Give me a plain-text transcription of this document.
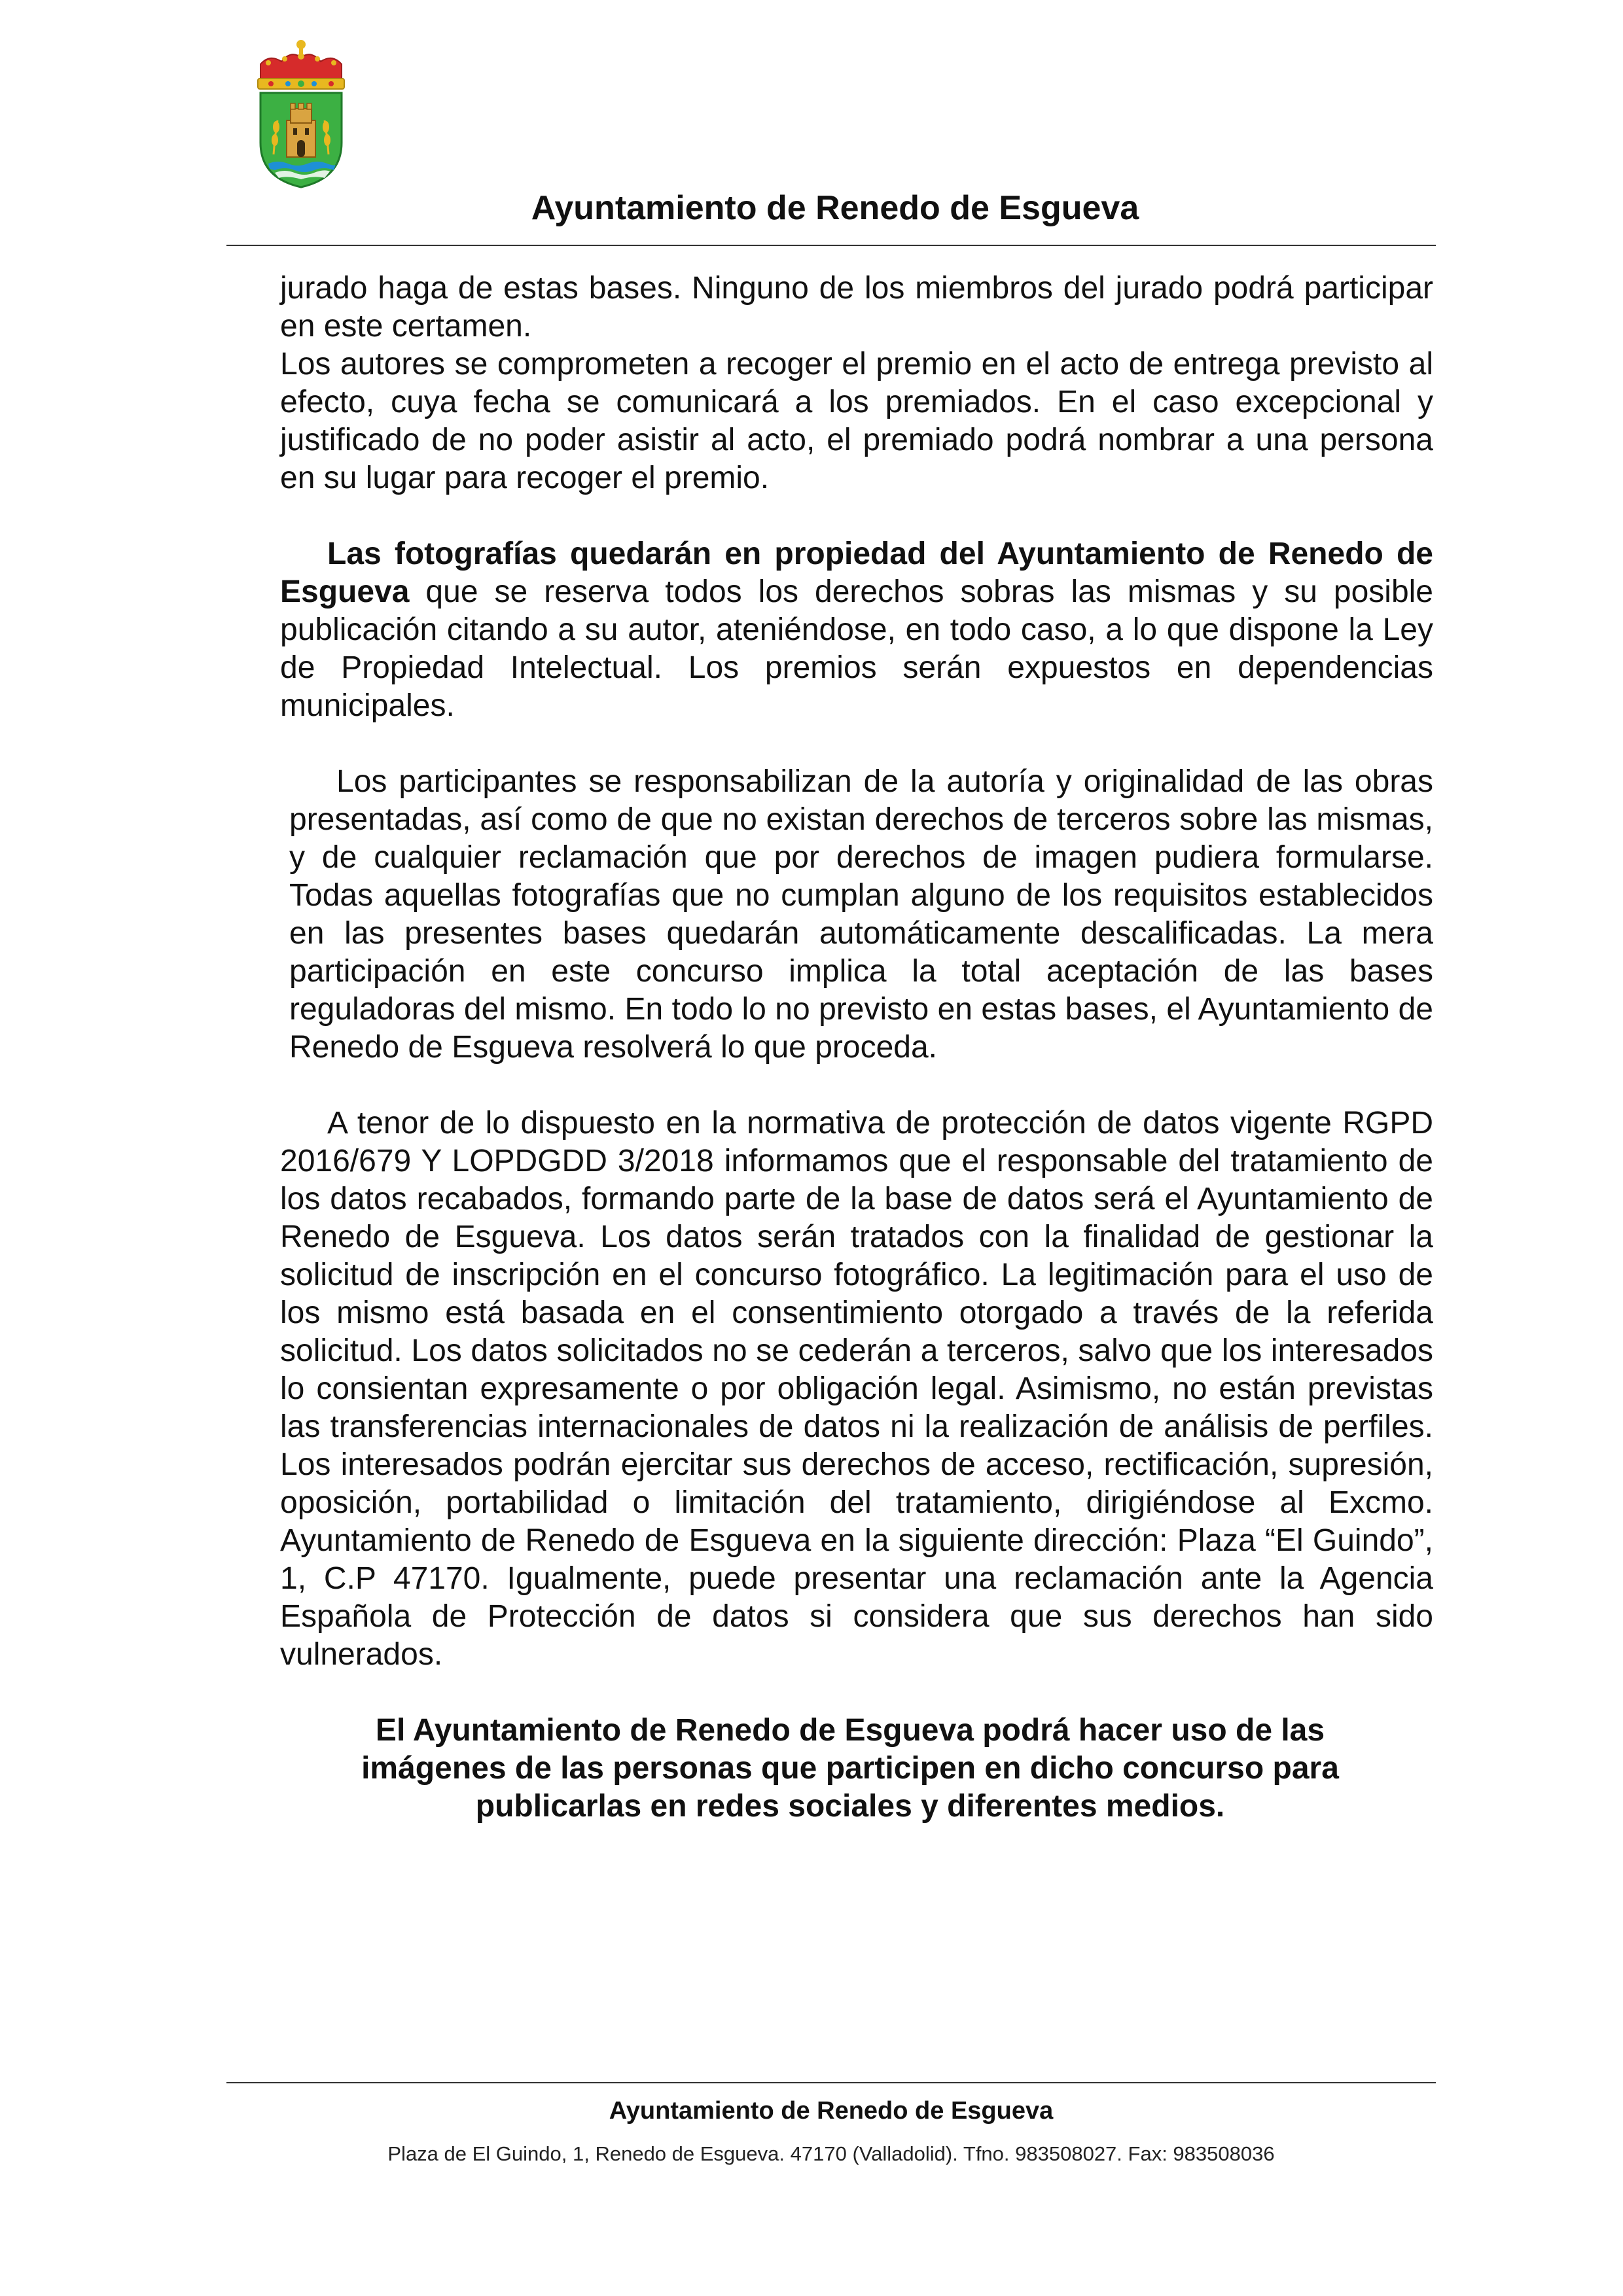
Ayuntamiento de Renedo de Esgueva

jurado haga de estas bases. Ninguno de los miembros del jurado podrá participar en este certamen.

Los autores se comprometen a recoger el premio en el acto de entrega previsto al efecto, cuya fecha se comunicará a los premiados. En el caso excepcional y justificado de no poder asistir al acto, el premiado podrá nombrar a una persona en su lugar para recoger el premio.

Las fotografías quedarán en propiedad del Ayuntamiento de Renedo de Esgueva que se reserva todos los derechos sobras las mismas y su posible publicación citando a su autor, ateniéndose, en todo caso, a lo que dispone la Ley de Propiedad Intelectual. Los premios serán expuestos en dependencias municipales.

Los participantes se responsabilizan de la autoría y originalidad de las obras presentadas, así como de que no existan derechos de terceros sobre las mismas, y de cualquier reclamación que por derechos de imagen pudiera formularse. Todas aquellas fotografías que no cumplan alguno de los requisitos establecidos en las presentes bases quedarán automáticamente descalificadas. La mera participación en este concurso implica la total aceptación de las bases reguladoras del mismo. En todo lo no previsto en estas bases, el Ayuntamiento de Renedo de Esgueva resolverá lo que proceda.

A tenor de lo dispuesto en la normativa de protección de datos vigente RGPD 2016/679 Y LOPDGDD 3/2018 informamos que el responsable del tratamiento de los datos recabados, formando parte de la base de datos será el Ayuntamiento de Renedo de Esgueva. Los datos serán tratados con la finalidad de gestionar la solicitud de inscripción en el concurso fotográfico. La legitimación para el uso de los mismo está basada en el consentimiento otorgado a través de la referida solicitud. Los datos solicitados no se cederán a terceros, salvo que los interesados lo consientan expresamente o por obligación legal. Asimismo, no están previstas las transferencias internacionales de datos ni la realización de análisis de perfiles. Los interesados podrán ejercitar sus derechos de acceso, rectificación, supresión, oposición, portabilidad o limitación del tratamiento, dirigiéndose al Excmo. Ayuntamiento de Renedo de Esgueva en la siguiente dirección: Plaza “El Guindo”, 1, C.P 47170. Igualmente, puede presentar una reclamación ante la Agencia Española de Protección de datos si considera que sus derechos han sido vulnerados.

El Ayuntamiento de Renedo de Esgueva podrá hacer uso de las
imágenes de las personas que participen en dicho concurso para
publicarlas en redes sociales y diferentes medios.

Ayuntamiento de Renedo de Esgueva
Plaza de El Guindo, 1, Renedo de Esgueva. 47170 (Valladolid). Tfno. 983508027. Fax: 983508036
